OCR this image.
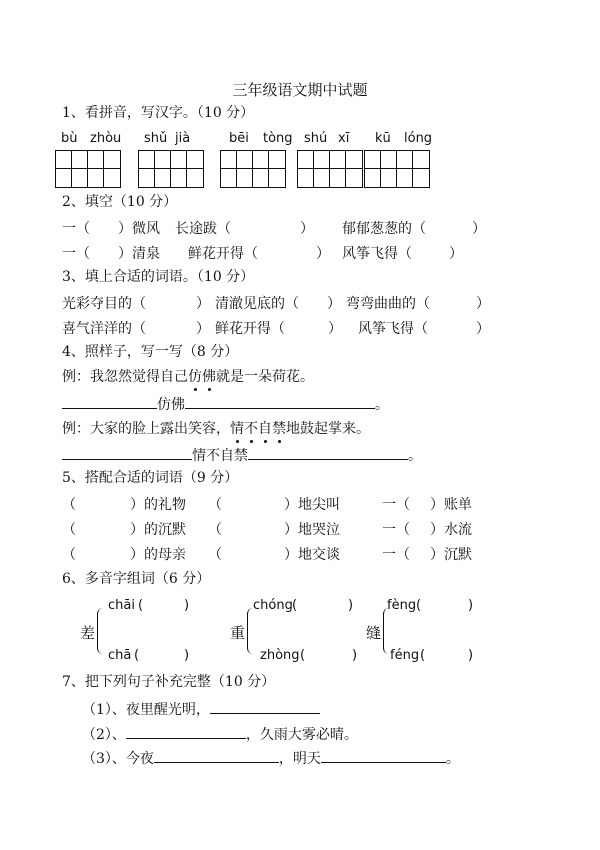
三年级语文期中试题
1、看拼音，写汉字。（10 分）
bù zhòu shǔ jià	bēi tòng shú xī kū lóng
2、填空（10 分）
一（ ）微风 长途跋（	） 郁郁葱葱的（	）
一（ ）清泉 鲜花开得（	） 风筝飞得（	）
3、填上合适的词语。（10 分）
光彩夺目的（	） 清澈见底的（ ） 弯弯曲曲的（	）
喜气洋洋的（	） 鲜花开得（	） 风筝飞得（	）
4、照样子，写一写（8 分）
例：我忽然觉得自己仿佛就是一朵荷花。
仿佛	。
例：大家的脸上露出笑容，情不自禁地鼓起掌来。
情不自禁	。
5、搭配合适的词语（9 分）
（	）的礼物 （	）地尖叫	一（ ）账单
（	）的沉默 （	）地哭泣	一（ ）水流
（	）的母亲 （	）地交谈	一（ ）沉默
6、多音字组词（6 分）
差
chāi (	)
chā (	)
重
chóng (	)
zhòng (	)
缝
fèng (	)
féng (	)
7、把下列句子补充完整（10 分）
（1）、夜里醒光明，
（2）、	，久雨大雾必晴。
（3）、今夜	，明天	。
